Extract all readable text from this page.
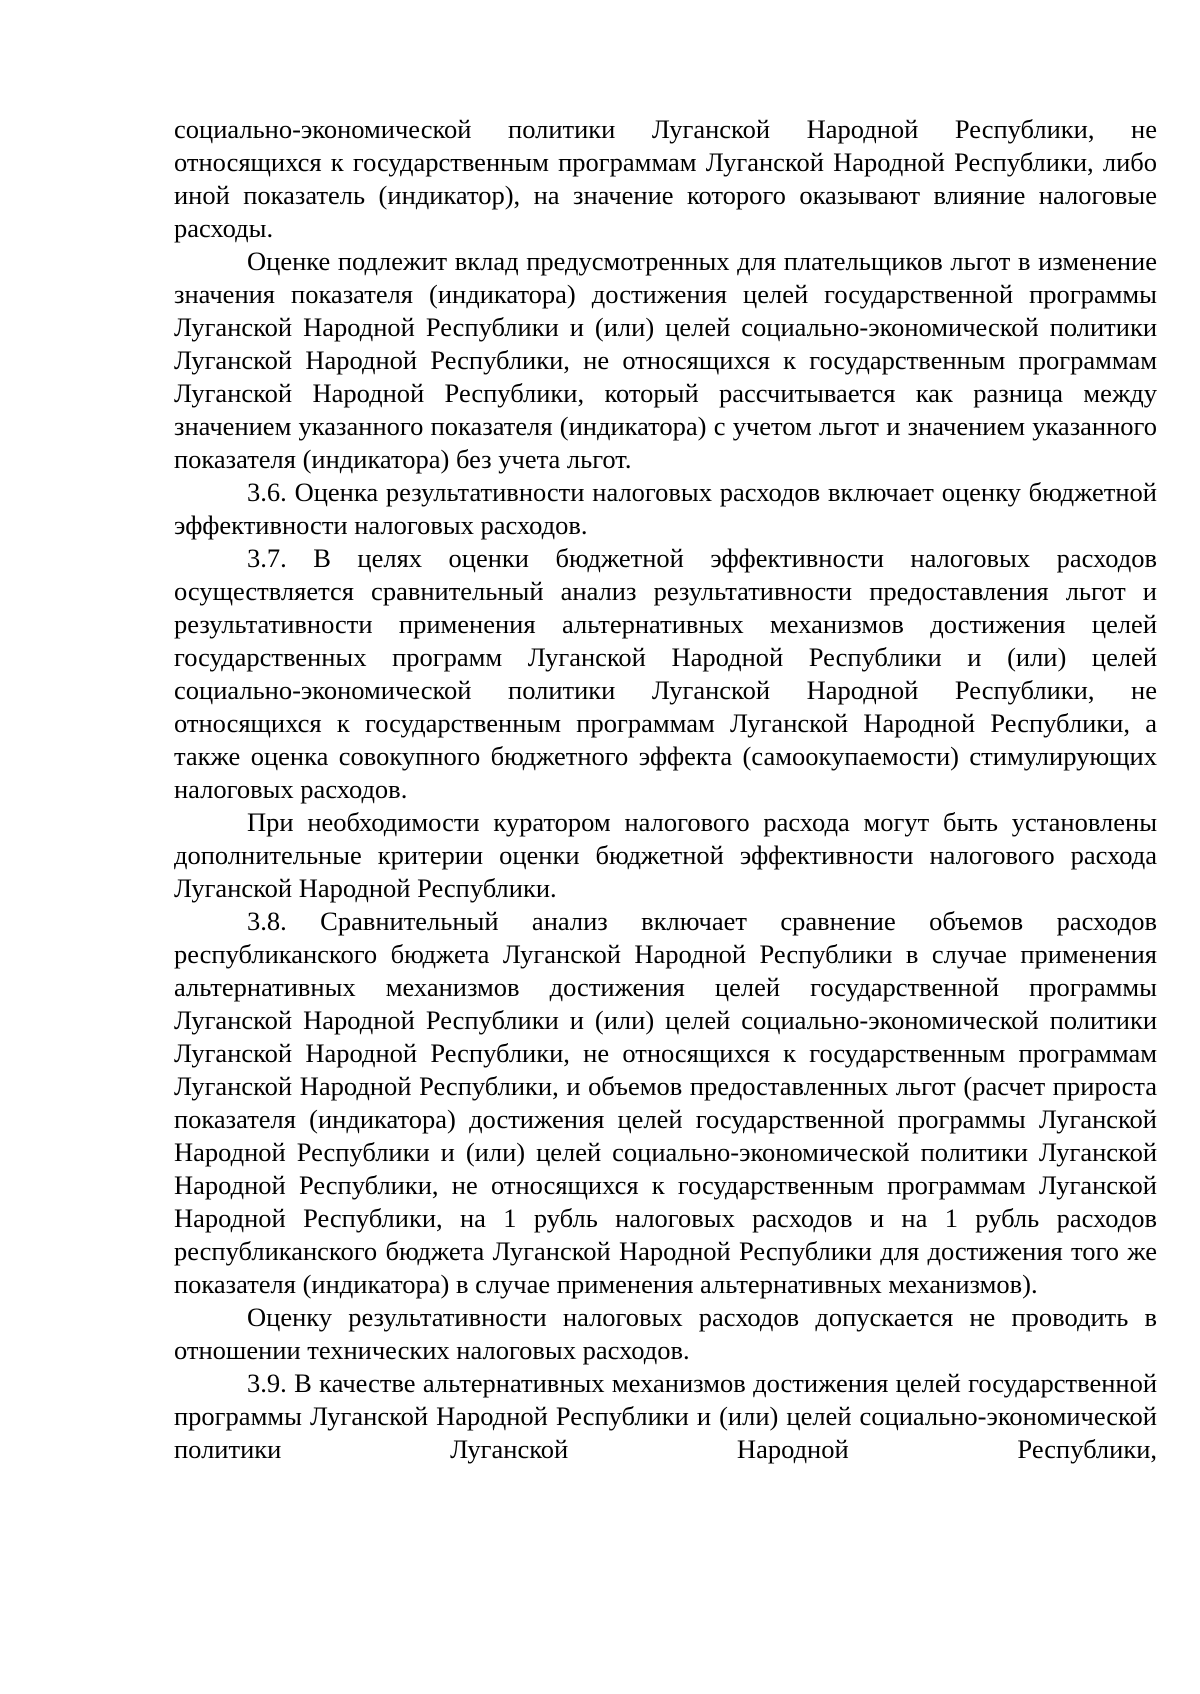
социально-экономической политики Луганской Народной Республики, не относящихся к государственным программам Луганской Народной Республики, либо иной показатель (индикатор), на значение которого оказывают влияние налоговые расходы.

Оценке подлежит вклад предусмотренных для плательщиков льгот в изменение значения показателя (индикатора) достижения целей государственной программы Луганской Народной Республики и (или) целей социально-экономической политики Луганской Народной Республики, не относящихся к государственным программам Луганской Народной Республики, который рассчитывается как разница между значением указанного показателя (индикатора) с учетом льгот и значением указанного показателя (индикатора) без учета льгот.

3.6. Оценка результативности налоговых расходов включает оценку бюджетной эффективности налоговых расходов.

3.7. В целях оценки бюджетной эффективности налоговых расходов осуществляется сравнительный анализ результативности предоставления льгот и результативности применения альтернативных механизмов достижения целей государственных программ Луганской Народной Республики и (или) целей социально-экономической политики Луганской Народной Республики, не относящихся к государственным программам Луганской Народной Республики, а также оценка совокупного бюджетного эффекта (самоокупаемости) стимулирующих налоговых расходов.

При необходимости куратором налогового расхода могут быть установлены дополнительные критерии оценки бюджетной эффективности налогового расхода Луганской Народной Республики.

3.8. Сравнительный анализ включает сравнение объемов расходов республиканского бюджета Луганской Народной Республики в случае применения альтернативных механизмов достижения целей государственной программы Луганской Народной Республики и (или) целей социально-экономической политики Луганской Народной Республики, не относящихся к государственным программам Луганской Народной Республики, и объемов предоставленных льгот (расчет прироста показателя (индикатора) достижения целей государственной программы Луганской Народной Республики и (или) целей социально-экономической политики Луганской Народной Республики, не относящихся к государственным программам Луганской Народной Республики, на 1 рубль налоговых расходов и на 1 рубль расходов республиканского бюджета Луганской Народной Республики для достижения того же показателя (индикатора) в случае применения альтернативных механизмов).

Оценку результативности налоговых расходов допускается не проводить в отношении технических налоговых расходов.

3.9. В качестве альтернативных механизмов достижения целей государственной программы Луганской Народной Республики и (или) целей социально-экономической политики Луганской Народной Республики,
